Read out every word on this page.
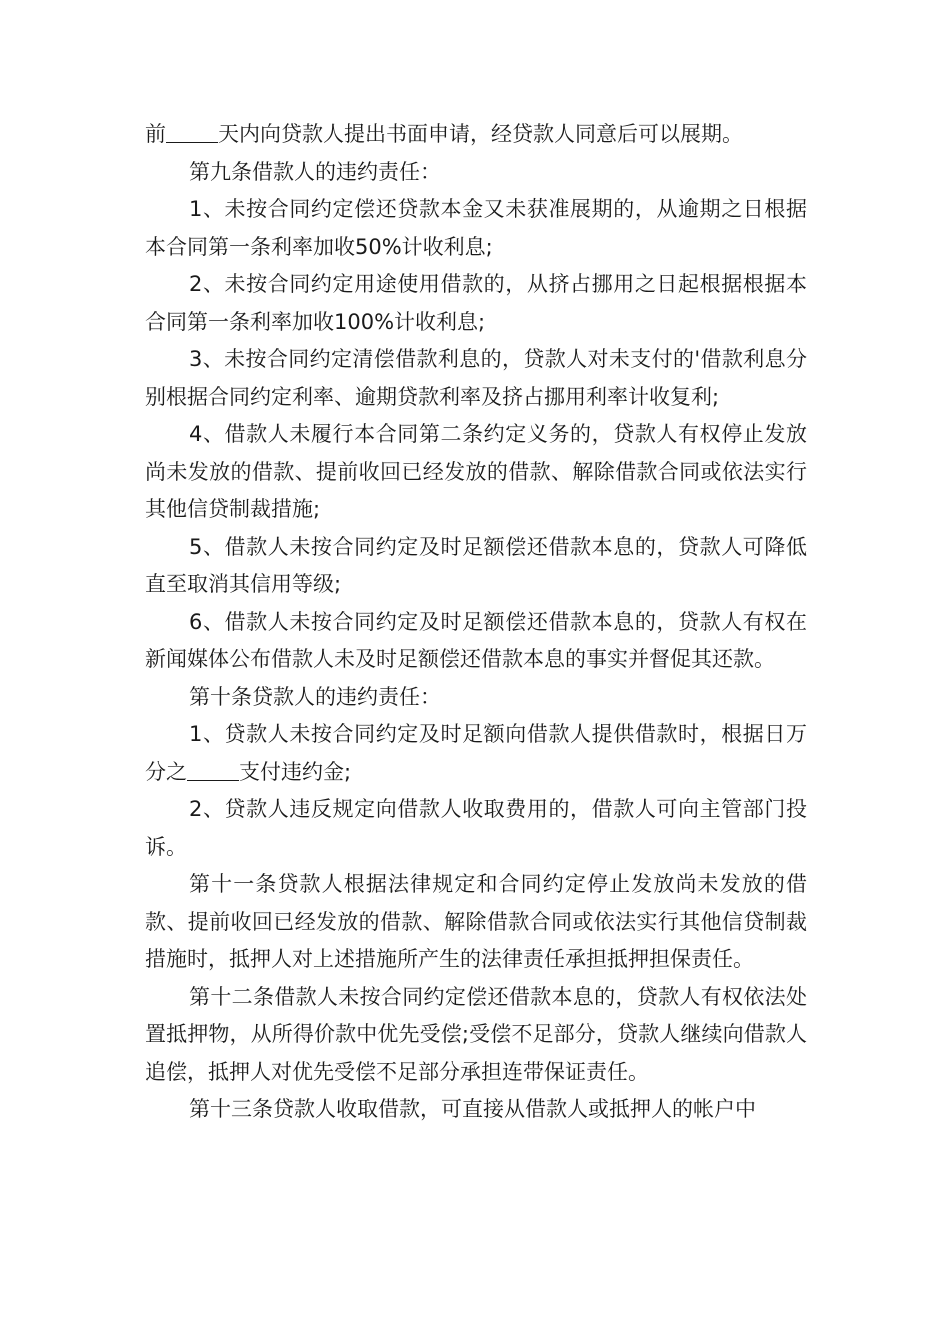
前 天内向贷款人提出书面申请，经贷款人同意后可以展期。

第九条借款人的违约责任：

1、未按合同约定偿还贷款本金又未获准展期的，从逾期之日根据本合同第一条利率加收50%计收利息;

2、未按合同约定用途使用借款的，从挤占挪用之日起根据根据本合同第一条利率加收100%计收利息;

3、未按合同约定清偿借款利息的，贷款人对未支付的'借款利息分别根据合同约定利率、逾期贷款利率及挤占挪用利率计收复利;

4、借款人未履行本合同第二条约定义务的，贷款人有权停止发放尚未发放的借款、提前收回已经发放的借款、解除借款合同或依法实行其他信贷制裁措施;

5、借款人未按合同约定及时足额偿还借款本息的，贷款人可降低直至取消其信用等级;

6、借款人未按合同约定及时足额偿还借款本息的，贷款人有权在新闻媒体公布借款人未及时足额偿还借款本息的事实并督促其还款。

第十条贷款人的违约责任：

1、贷款人未按合同约定及时足额向借款人提供借款时，根据日万分之 支付违约金;

2、贷款人违反规定向借款人收取费用的，借款人可向主管部门投诉。

第十一条贷款人根据法律规定和合同约定停止发放尚未发放的借款、提前收回已经发放的借款、解除借款合同或依法实行其他信贷制裁措施时，抵押人对上述措施所产生的法律责任承担抵押担保责任。

第十二条借款人未按合同约定偿还借款本息的，贷款人有权依法处置抵押物，从所得价款中优先受偿;受偿不足部分，贷款人继续向借款人追偿，抵押人对优先受偿不足部分承担连带保证责任。

第十三条贷款人收取借款，可直接从借款人或抵押人的帐户中
